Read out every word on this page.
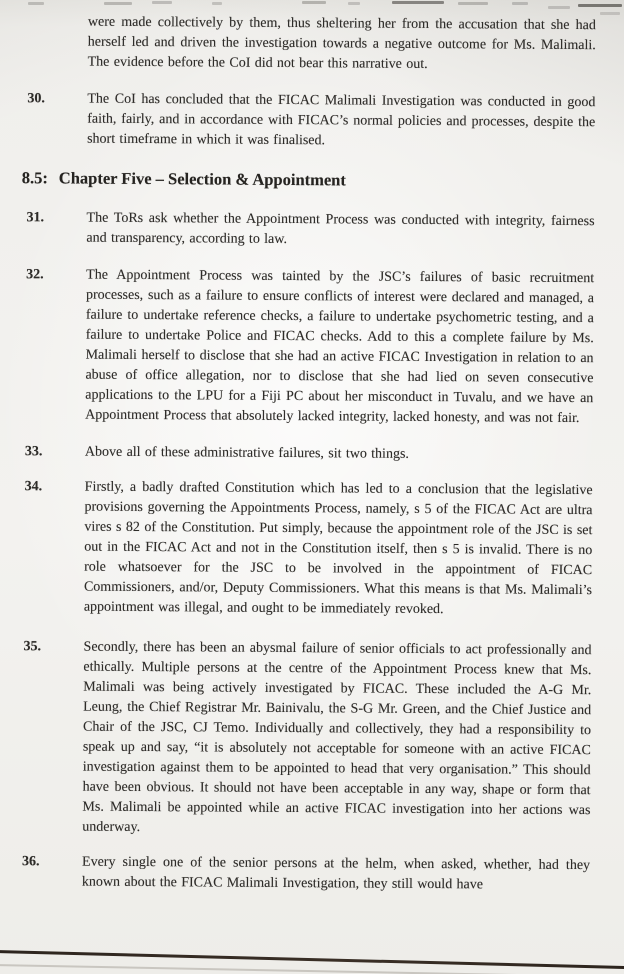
were made collectively by them, thus sheltering her from the accusation that she had herself led and driven the investigation towards a negative outcome for Ms. Malimali. The evidence before the CoI did not bear this narrative out.
30.	The CoI has concluded that the FICAC Malimali Investigation was conducted in good faith, fairly, and in accordance with FICAC’s normal policies and processes, despite the short timeframe in which it was finalised.
8.5: Chapter Five – Selection & Appointment
31.	The ToRs ask whether the Appointment Process was conducted with integrity, fairness and transparency, according to law.
32.	The Appointment Process was tainted by the JSC’s failures of basic recruitment processes, such as a failure to ensure conflicts of interest were declared and managed, a failure to undertake reference checks, a failure to undertake psychometric testing, and a failure to undertake Police and FICAC checks. Add to this a complete failure by Ms. Malimali herself to disclose that she had an active FICAC Investigation in relation to an abuse of office allegation, nor to disclose that she had lied on seven consecutive applications to the LPU for a Fiji PC about her misconduct in Tuvalu, and we have an Appointment Process that absolutely lacked integrity, lacked honesty, and was not fair.
33.	Above all of these administrative failures, sit two things.
34.	Firstly, a badly drafted Constitution which has led to a conclusion that the legislative provisions governing the Appointments Process, namely, s 5 of the FICAC Act are ultra vires s 82 of the Constitution. Put simply, because the appointment role of the JSC is set out in the FICAC Act and not in the Constitution itself, then s 5 is invalid. There is no role whatsoever for the JSC to be involved in the appointment of FICAC Commissioners, and/or, Deputy Commissioners. What this means is that Ms. Malimali’s appointment was illegal, and ought to be immediately revoked.
35.	Secondly, there has been an abysmal failure of senior officials to act professionally and ethically. Multiple persons at the centre of the Appointment Process knew that Ms. Malimali was being actively investigated by FICAC. These included the A-G Mr. Leung, the Chief Registrar Mr. Bainivalu, the S-G Mr. Green, and the Chief Justice and Chair of the JSC, CJ Temo. Individually and collectively, they had a responsibility to speak up and say, “it is absolutely not acceptable for someone with an active FICAC investigation against them to be appointed to head that very organisation.” This should have been obvious. It should not have been acceptable in any way, shape or form that Ms. Malimali be appointed while an active FICAC investigation into her actions was underway.
36.	Every single one of the senior persons at the helm, when asked, whether, had they known about the FICAC Malimali Investigation, they still would have
